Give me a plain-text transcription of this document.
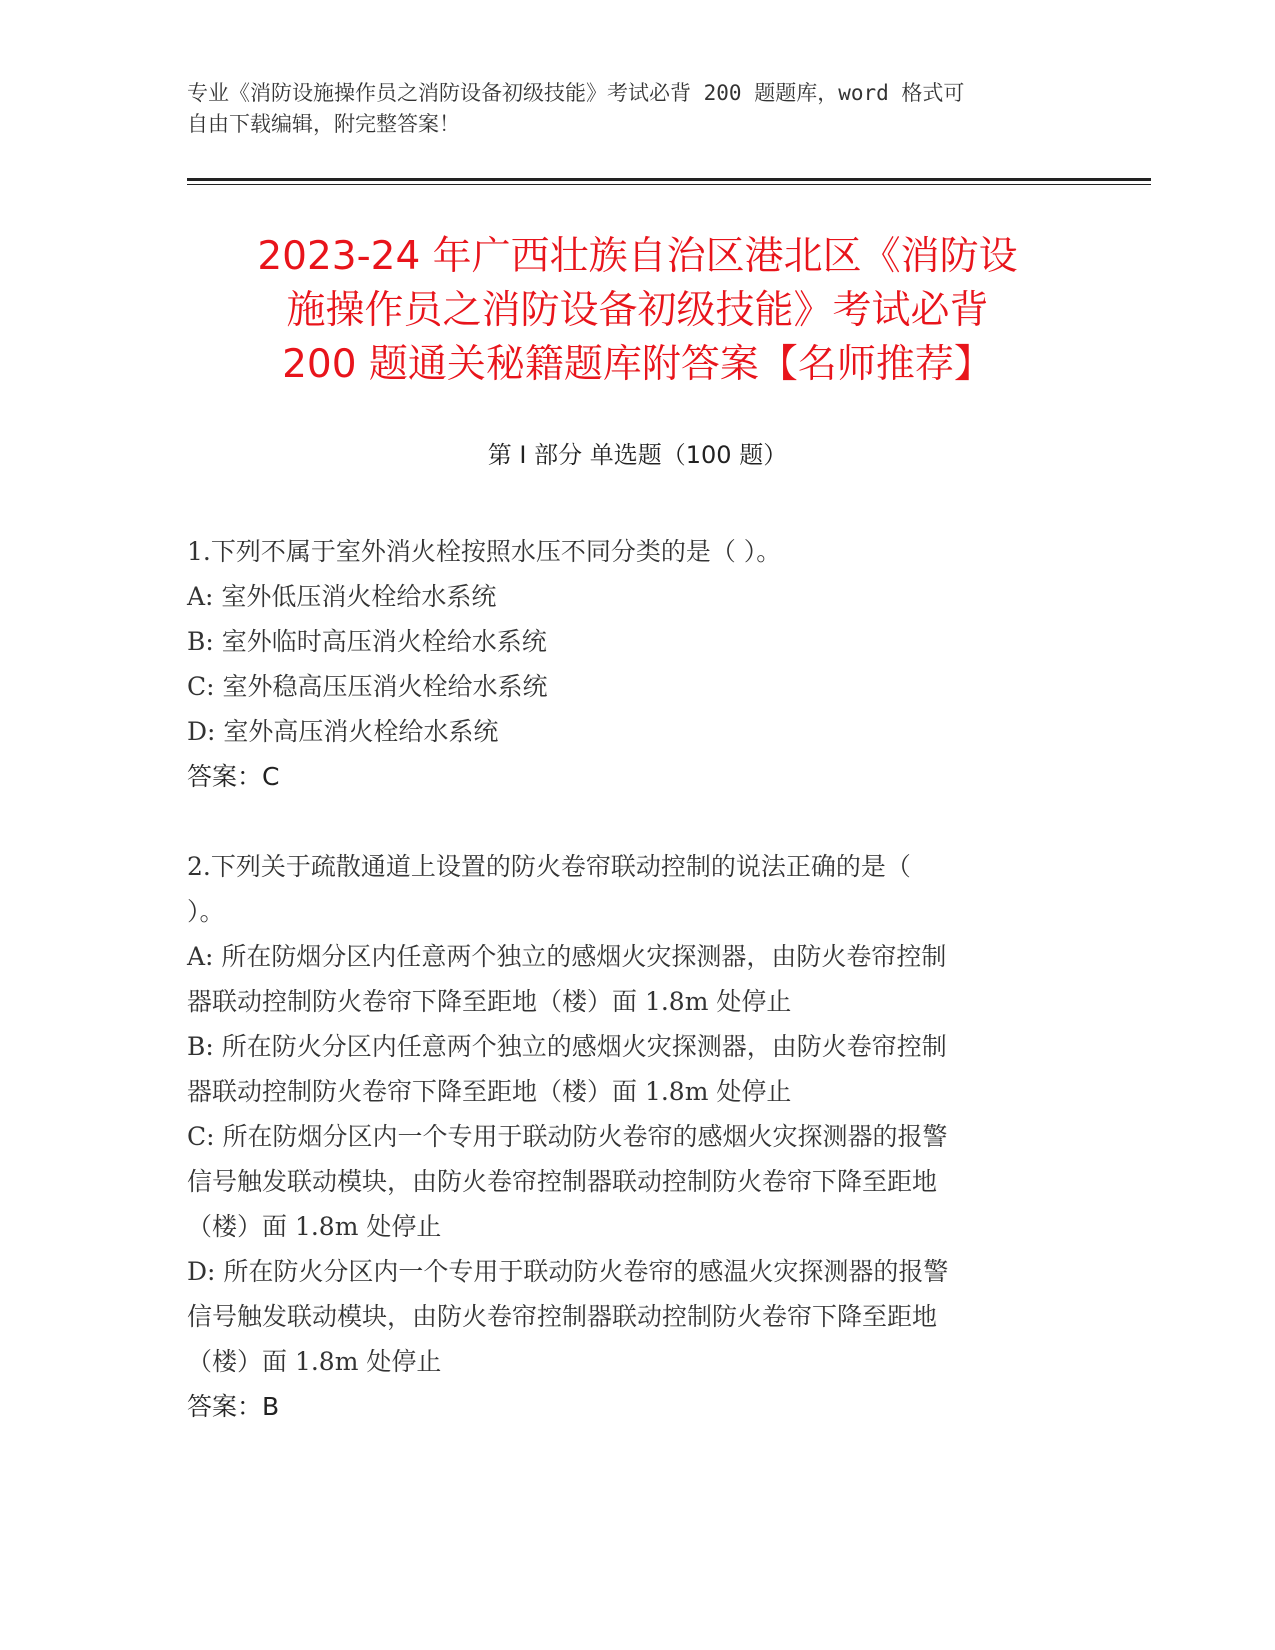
专业《消防设施操作员之消防设备初级技能》考试必背 200 题题库，word 格式可
自由下载编辑，附完整答案！
2023-24 年广西壮族自治区港北区《消防设
施操作员之消防设备初级技能》考试必背
200 题通关秘籍题库附答案【名师推荐】
第 I 部分 单选题（100 题）
1.下列不属于室外消火栓按照水压不同分类的是（ ）。
A: 室外低压消火栓给水系统
B: 室外临时高压消火栓给水系统
C: 室外稳高压压消火栓给水系统
D: 室外高压消火栓给水系统
答案：C
2.下列关于疏散通道上设置的防火卷帘联动控制的说法正确的是（
）。
A: 所在防烟分区内任意两个独立的感烟火灾探测器，由防火卷帘控制
器联动控制防火卷帘下降至距地（楼）面 1.8m 处停止
B: 所在防火分区内任意两个独立的感烟火灾探测器，由防火卷帘控制
器联动控制防火卷帘下降至距地（楼）面 1.8m 处停止
C: 所在防烟分区内一个专用于联动防火卷帘的感烟火灾探测器的报警
信号触发联动模块，由防火卷帘控制器联动控制防火卷帘下降至距地
（楼）面 1.8m 处停止
D: 所在防火分区内一个专用于联动防火卷帘的感温火灾探测器的报警
信号触发联动模块，由防火卷帘控制器联动控制防火卷帘下降至距地
（楼）面 1.8m 处停止
答案：B
